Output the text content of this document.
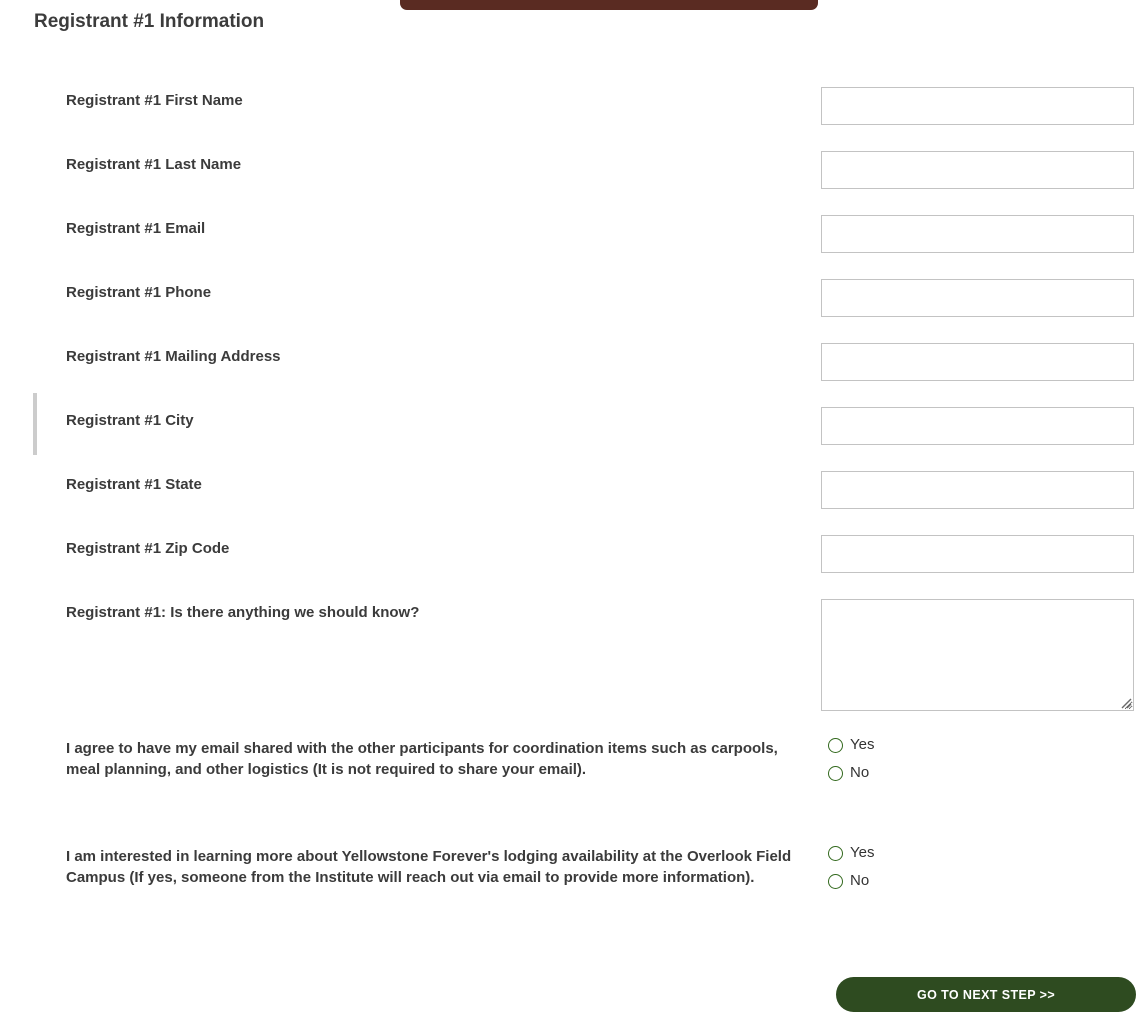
Registrant #1 Information
Registrant #1 First Name
Registrant #1 Last Name
Registrant #1 Email
Registrant #1 Phone
Registrant #1 Mailing Address
Registrant #1 City
Registrant #1 State
Registrant #1 Zip Code
Registrant #1: Is there anything we should know?
I agree to have my email shared with the other participants for coordination items such as carpools, meal planning, and other logistics (It is not required to share your email).
Yes
No
I am interested in learning more about Yellowstone Forever's lodging availability at the Overlook Field Campus (If yes, someone from the Institute will reach out via email to provide more information).
Yes
No
GO TO NEXT STEP >>
